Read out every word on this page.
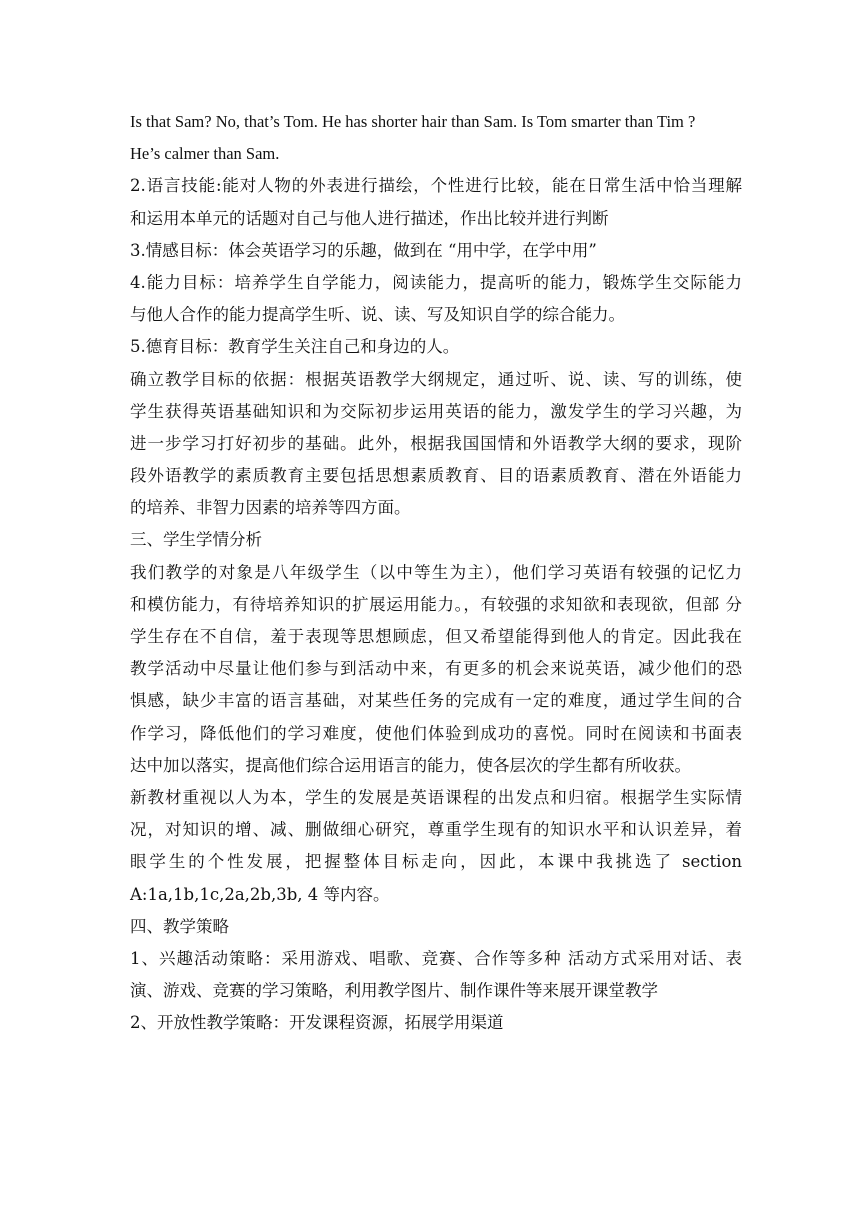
Is that Sam? No, that’s Tom. He has shorter hair than Sam. Is Tom smarter than Tim ?
He’s calmer than Sam.
2.语言技能:能对人物的外表进行描绘，个性进行比较，能在日常生活中恰当理解
和运用本单元的话题对自己与他人进行描述，作出比较并进行判断
3.情感目标：体会英语学习的乐趣，做到在 “用中学，在学中用”
4.能力目标：培养学生自学能力，阅读能力，提高听的能力，锻炼学生交际能力
与他人合作的能力提高学生听、说、读、写及知识自学的综合能力。
5.德育目标：教育学生关注自己和身边的人。
确立教学目标的依据：根据英语教学大纲规定，通过听、说、读、写的训练，使
学生获得英语基础知识和为交际初步运用英语的能力，激发学生的学习兴趣，为
进一步学习打好初步的基础。此外，根据我国国情和外语教学大纲的要求，现阶
段外语教学的素质教育主要包括思想素质教育、目的语素质教育、潜在外语能力
的培养、非智力因素的培养等四方面。
三、学生学情分析
我们教学的对象是八年级学生（以中等生为主），他们学习英语有较强的记忆力
和模仿能力，有待培养知识的扩展运用能力。，有较强的求知欲和表现欲，但部 分
学生存在不自信，羞于表现等思想顾虑，但又希望能得到他人的肯定。因此我在
教学活动中尽量让他们参与到活动中来，有更多的机会来说英语，减少他们的恐
惧感，缺少丰富的语言基础，对某些任务的完成有一定的难度，通过学生间的合
作学习，降低他们的学习难度，使他们体验到成功的喜悦。同时在阅读和书面表
达中加以落实，提高他们综合运用语言的能力，使各层次的学生都有所收获。
新教材重视以人为本，学生的发展是英语课程的出发点和归宿。根据学生实际情
况，对知识的增、减、删做细心研究，尊重学生现有的知识水平和认识差异，着
眼学生的个性发展，把握整体目标走向，因此，本课中我挑选了 section
A:1a,1b,1c,2a,2b,3b, 4 等内容。
四、教学策略
1、兴趣活动策略：采用游戏、唱歌、竞赛、合作等多种 活动方式采用对话、表
演、游戏、竞赛的学习策略，利用教学图片、制作课件等来展开课堂教学
2、开放性教学策略：开发课程资源，拓展学用渠道
